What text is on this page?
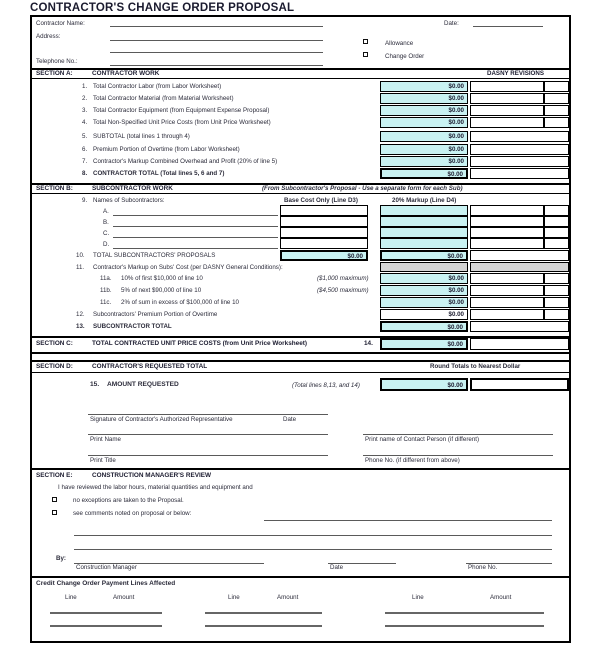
CONTRACTOR'S CHANGE ORDER PROPOSAL
Contractor Name:
Address:
Telephone No.:
Date:
Allowance
Change Order
SECTION A:	CONTRACTOR WORK	DASNY REVISIONS
1. Total Contractor Labor (from Labor Worksheet)	$0.00
2. Total Contractor Material (from Material Worksheet)	$0.00
3. Total Contractor Equipment (from Equipment Expense Proposal)	$0.00
4. Total Non-Specified Unit Price Costs (from Unit Price Worksheet)	$0.00
5. SUBTOTAL (total lines 1 through 4)	$0.00
6. Premium Portion of Overtime (from Labor Worksheet)	$0.00
7. Contractor's Markup Combined Overhead and Profit (20% of line 5)	$0.00
8. CONTRACTOR TOTAL (Total lines 5, 6 and 7)	$0.00
SECTION B:	SUBCONTRACTOR WORK	(From Subcontractor's Proposal - Use a separate form for each Sub)
9. Names of Subcontractors:	Base Cost Only (Line D3)	20% Markup (Line D4)
A.
B.
C.
D.
10. TOTAL SUBCONTRACTORS' PROPOSALS	$0.00	$0.00
11. Contractor's Markup on Subs' Cost (per DASNY General Conditions):
11a. 10% of first $10,000 of line 10	($1,000 maximum)	$0.00
11b. 5% of next $90,000 of line 10	($4,500 maximum)	$0.00
11c. 2% of sum in excess of $100,000 of line 10	$0.00
12. Subcontractors' Premium Portion of Overtime	$0.00
13. SUBCONTRACTOR TOTAL	$0.00
SECTION C:	TOTAL CONTRACTED UNIT PRICE COSTS (from Unit Price Worksheet)	14.	$0.00
SECTION D:	CONTRACTOR'S REQUESTED TOTAL	Round Totals to Nearest Dollar
15. AMOUNT REQUESTED	(Total lines 8,13, and 14)	$0.00
Signature of Contractor's Authorized Representative	Date
Print Name	Print name of Contact Person (if different)
Print Title	Phone No. (if different from above)
SECTION E:	CONSTRUCTION MANAGER'S REVIEW
I have reviewed the labor hours, material quantities and equipment and
no exceptions are taken to the Proposal.
see comments noted on proposal or below:
By:
Construction Manager	Date	Phone No.
Credit Change Order Payment Lines Affected
Line	Amount	Line	Amount	Line	Amount
